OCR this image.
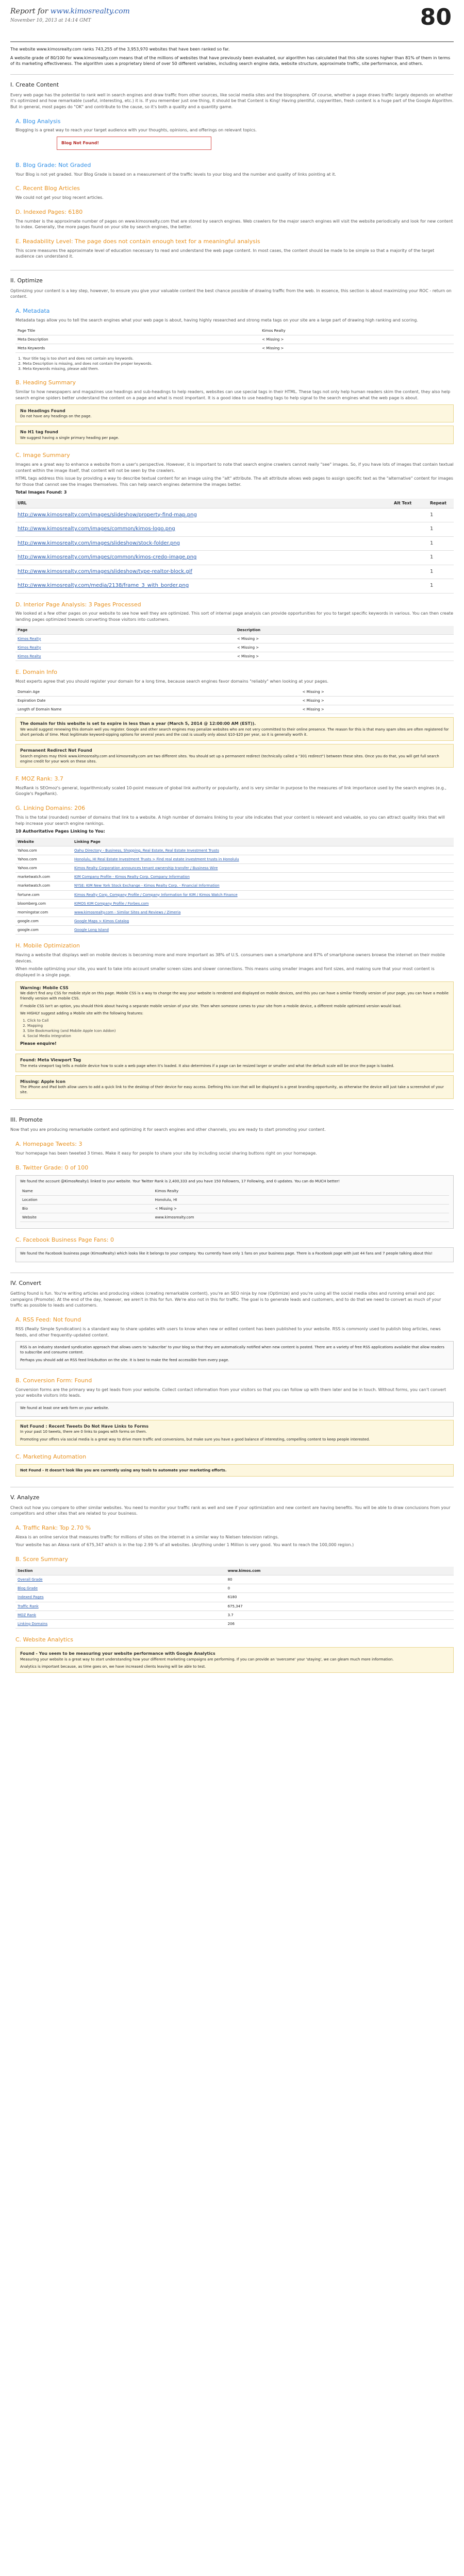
Report for www.kimosrealty.com
November 10, 2013 at 14:14 GMT	80

The website www.kimosrealty.com ranks 743,255 of the 3,953,970 websites that have been ranked so far.

A website grade of 80/100 for www.kimosrealty.com means that of the millions of websites that have previously been evaluated, our algorithm has calculated that this site scores higher than 81% of them in terms of its marketing effectiveness. The algorithm uses a proprietary blend of over 50 different variables, including search engine data, website structure, approximate traffic, site performance, and others.

I. Create Content

Every web page has the potential to rank well in search engines and draw traffic from other sources, like social media sites and the blogosphere. Of course, whether a page draws traffic largely depends on whether it's optimized and how remarkable (useful, interesting, etc.) it is. If you remember just one thing, it should be that Content is King! Having plentiful, copywritten, fresh content is a huge part of the Google Algorithm. But in general, most pages do "OK" and contribute to the cause, so it's both a quality and a quantity game.

A. Blog Analysis

Blogging is a great way to reach your target audience with your thoughts, opinions, and offerings on relevant topics.

Blog Not Found!
B. Blog Grade: Not Graded

Your Blog is not yet graded. Your Blog Grade is based on a measurement of the traffic levels to your blog and the number and quality of links pointing at it.

C. Recent Blog Articles

We could not get your blog recent articles.

D. Indexed Pages: 6180

The number is the approximate number of pages on www.kimosrealty.com that are stored by search engines. Web crawlers for the major search engines will visit the website periodically and look for new content to index. Generally, the more pages found on your site by search engines, the better.

E. Readability Level: The page does not contain enough text for a meaningful analysis

This score measures the approximate level of education necessary to read and understand the web page content. In most cases, the content should be made to be simple so that a majority of the target audience can understand it.

II. Optimize

Optimizing your content is a key step, however, to ensure you give your valuable content the best chance possible of drawing traffic from the web. In essence, this section is about maximizing your ROC - return on content.

A. Metadata

Metadata tags allow you to tell the search engines what your web page is about, having highly researched and strong meta tags on your site are a large part of drawing high ranking and scoring.

Page Title	Kimos Realty
Meta Description	< Missing >
Meta Keywords	< Missing >
1. Your title tag is too short and does not contain any keywords.
2. Meta Description is missing, and does not contain the proper keywords.
3. Meta Keywords missing, please add them.
B. Heading Summary

Similar to how newspapers and magazines use headings and sub-headings to help readers, websites can use special tags in their HTML. These tags not only help human readers skim the content, they also help search engine spiders better understand the content on a page and what is most important. It is a good idea to use heading tags to help signal to the search engines what the web page is about.

No Headings Found
Do not have any headings on the page.
No H1 tag found
We suggest having a single primary heading per page.
C. Image Summary

Images are a great way to enhance a website from a user's perspective. However, it is important to note that search engine crawlers cannot really "see" images. So, if you have lots of images that contain textual content within the image itself, that content will not be seen by the crawlers.

HTML tags address this issue by providing a way to describe textual content for an image using the "alt" attribute. The alt attribute allows web pages to assign specific text as the "alternative" content for images for those that cannot see the images themselves. This can help search engines determine the images better.

Total Images Found: 3

URL	Alt Text	Repeat
http://www.kimosrealty.com/images/slideshow/property-find-map.png		1
http://www.kimosrealty.com/images/common/kimos-logo.png		1
http://www.kimosrealty.com/images/slideshow/stock-folder.png		1
http://www.kimosrealty.com/images/common/kimos-credo-image.png		1
http://www.kimosrealty.com/images/slideshow/type-realtor-block.gif		1
http://www.kimosrealty.com/media/2138/frame_3_with_border.png		1
D. Interior Page Analysis: 3 Pages Processed

We looked at a few other pages on your website to see how well they are optimized. This sort of internal page analysis can provide opportunities for you to target specific keywords in various. You can then create landing pages optimized towards converting those visitors into customers.

Page	Description
Kimos Realty	< Missing >
Kimos Realty	< Missing >
Kimos Realty	< Missing >
E. Domain Info

Most experts agree that you should register your domain for a long time, because search engines favor domains "reliably" when looking at your pages.

Domain Age	< Missing >
Expiration Date	< Missing >
Length of Domain Name	< Missing >
The domain for this website is set to expire in less than a year (March 5, 2014 @ 12:00:00 AM (EST)).
We would suggest renewing this domain well you register. Google and other search engines may penalize websites who are not very committed to their online presence. The reason for this is that many spam sites are often registered for short periods of time. Most legitimate keyword-sipping options for several years and the cost is usually only about $10-$20 per year, so it is generally worth it.
Permanent Redirect Not Found
Search engines may think www.kimosrealty.com and kimosrealty.com are two different sites. You should set up a permanent redirect (technically called a "301 redirect") between these sites. Once you do that, you will get full search engine credit for your work on these sites.
F. MOZ Rank: 3.7

MozRank is SEOmoz's general, logarithmically scaled 10-point measure of global link authority or popularity, and is very similar in purpose to the measures of link importance used by the search engines (e.g., Google's PageRank).

G. Linking Domains: 206

This is the total (rounded) number of domains that link to a website. A high number of domains linking to your site indicates that your content is relevant and valuable, so you can attract quality links that will help increase your search engine rankings.

10 Authoritative Pages Linking to You:

Website	Linking Page
Yahoo.com	Oahu Directory - Business, Shopping, Real Estate, Real Estate Investment Trusts
Yahoo.com	Honolulu, HI Real Estate Investment Trusts > Find real estate investment trusts in Honolulu
Yahoo.com	Kimos Realty Corporation announces tenant ownership transfer / Business Wire
marketwatch.com	KIM Company Profile - Kimos Realty Corp. Company Information
marketwatch.com	NYSE: KIM New York Stock Exchange - Kimos Realty Corp. - Financial Information
fortune.com	Kimos Realty Corp. Company Profile / Company Information for KIM / Kimos Watch Finance
bloomberg.com	KIMOS KIM Company Profile / Forbes.com
morningstar.com	www.kimosrealty.com - Similar Sites and Reviews / Zimeria
google.com	Google Maps > Kimos Catalog
google.com	Google Long Island
H. Mobile Optimization

Having a website that displays well on mobile devices is becoming more and more important as 38% of U.S. consumers own a smartphone and 87% of smartphone owners browse the internet on their mobile devices.

When mobile optimizing your site, you want to take into account smaller screen sizes and slower connections. This means using smaller images and font sizes, and making sure that your most content is displayed in a single page.

Warning: Mobile CSS
We didn't find any CSS for mobile style on this page. Mobile CSS is a way to change the way your website is rendered and displayed on mobile devices, and this you can have a similar friendly version of your page, you can have a mobile friendly version with mobile CSS.
If mobile CSS isn't an option, you should think about having a separate mobile version of your site. Then when someone comes to your site from a mobile device, a different mobile optimized version would load.
We HIGHLY suggest adding a Mobile site with the following features:
1. Click to Call
2. Mapping
3. Site Bookmarking (and Mobile Apple Icon Addon)
4. Social Media Integration
Please enquire!
Found: Meta Viewport Tag
The meta viewport tag tells a mobile device how to scale a web page when it's loaded. It also determines if a page can be resized larger or smaller and what the default scale will be once the page is loaded.
Missing: Apple Icon
The iPhone and iPad both allow users to add a quick link to the desktop of their device for easy access. Defining this icon that will be displayed is a great branding opportunity, as otherwise the device will just take a screenshot of your site.
III. Promote

Now that you are producing remarkable content and optimizing it for search engines and other channels, you are ready to start promoting your content.

A. Homepage Tweets: 3

Your homepage has been tweeted 3 times. Make it easy for people to share your site by including social sharing buttons right on your homepage.

B. Twitter Grade: 0 of 100

We found the account @KimosRealty1 linked to your website. Your Twitter Rank is 2,400,333 and you have 150 Followers, 17 Following, and 0 updates. You can do MUCH better!

Name	Kimos Realty
Location	Honolulu, HI
Bio	< Missing >
Website	www.kimosrealty.com
C. Facebook Business Page Fans: 0

We found the Facebook business page (KimosRealty) which looks like it belongs to your company. You currently have only 1 fans on your business page. There is a Facebook page with just 44 fans and 7 people talking about this!

IV. Convert

Getting found is fun. You're writing articles and producing videos (creating remarkable content), you're an SEO ninja by now (Optimize) and you're using all the social media sites and running email and ppc campaigns (Promote). At the end of the day, however, we aren't in this for fun. We're also not in this for traffic. The goal is to generate leads and customers, and to do that we need to convert as much of your traffic as possible to leads and customers.

A. RSS Feed: Not found

RSS (Really Simple Syndication) is a standard way to share updates with users to know when new or edited content has been published to your website. RSS is commonly used to publish blog articles, news feeds, and other frequently-updated content.

RSS is an industry standard syndication approach that allows users to 'subscribe' to your blog so that they are automatically notified when new content is posted. There are a variety of free RSS applications available that allow readers to subscribe and consume content.

Perhaps you should add an RSS feed link/button on the site. It is best to make the feed accessible from every page.

B. Conversion Form: Found

Conversion forms are the primary way to get leads from your website. Collect contact information from your visitors so that you can follow up with them later and be in touch. Without forms, you can't convert your website visitors into leads.

We found at least one web form on your website.

Not Found : Recent Tweets Do Not Have Links to Forms
In your past 10 tweets, there are 0 links to pages with forms on them.
Promoting your offers via social media is a great way to drive more traffic and conversions, but make sure you have a good balance of interesting, compelling content to keep people interested.
C. Marketing Automation
Not Found - It doesn't look like you are currently using any tools to automate your marketing efforts.
V. Analyze

Check out how you compare to other similar websites. You need to monitor your traffic rank as well and see if your optimization and new content are having benefits. You will be able to draw conclusions from your competitors and other sites that are related to your business.

A. Traffic Rank: Top 2.70 %

Alexa is an online service that measures traffic for millions of sites on the internet in a similar way to Nielsen television ratings.

Your website has an Alexa rank of 675,347 which is in the top 2.99 % of all websites. (Anything under 1 Million is very good. You want to reach the 100,000 region.)

B. Score Summary
Section	www.kimos.com
Overall Grade	80
Blog Grade	0
Indexed Pages	6180
Traffic Rank	675,347
MOZ Rank	3.7
Linking Domains	206
C. Website Analytics
Found - You seem to be measuring your website performance with Google Analytics
Measuring your website is a great way to start understanding how your different marketing campaigns are performing. If you can provide an 'overcome' your 'staying', we can gleam much more information.
Analytics is important because, as time goes on, we have increased clients leaving will be able to test.
